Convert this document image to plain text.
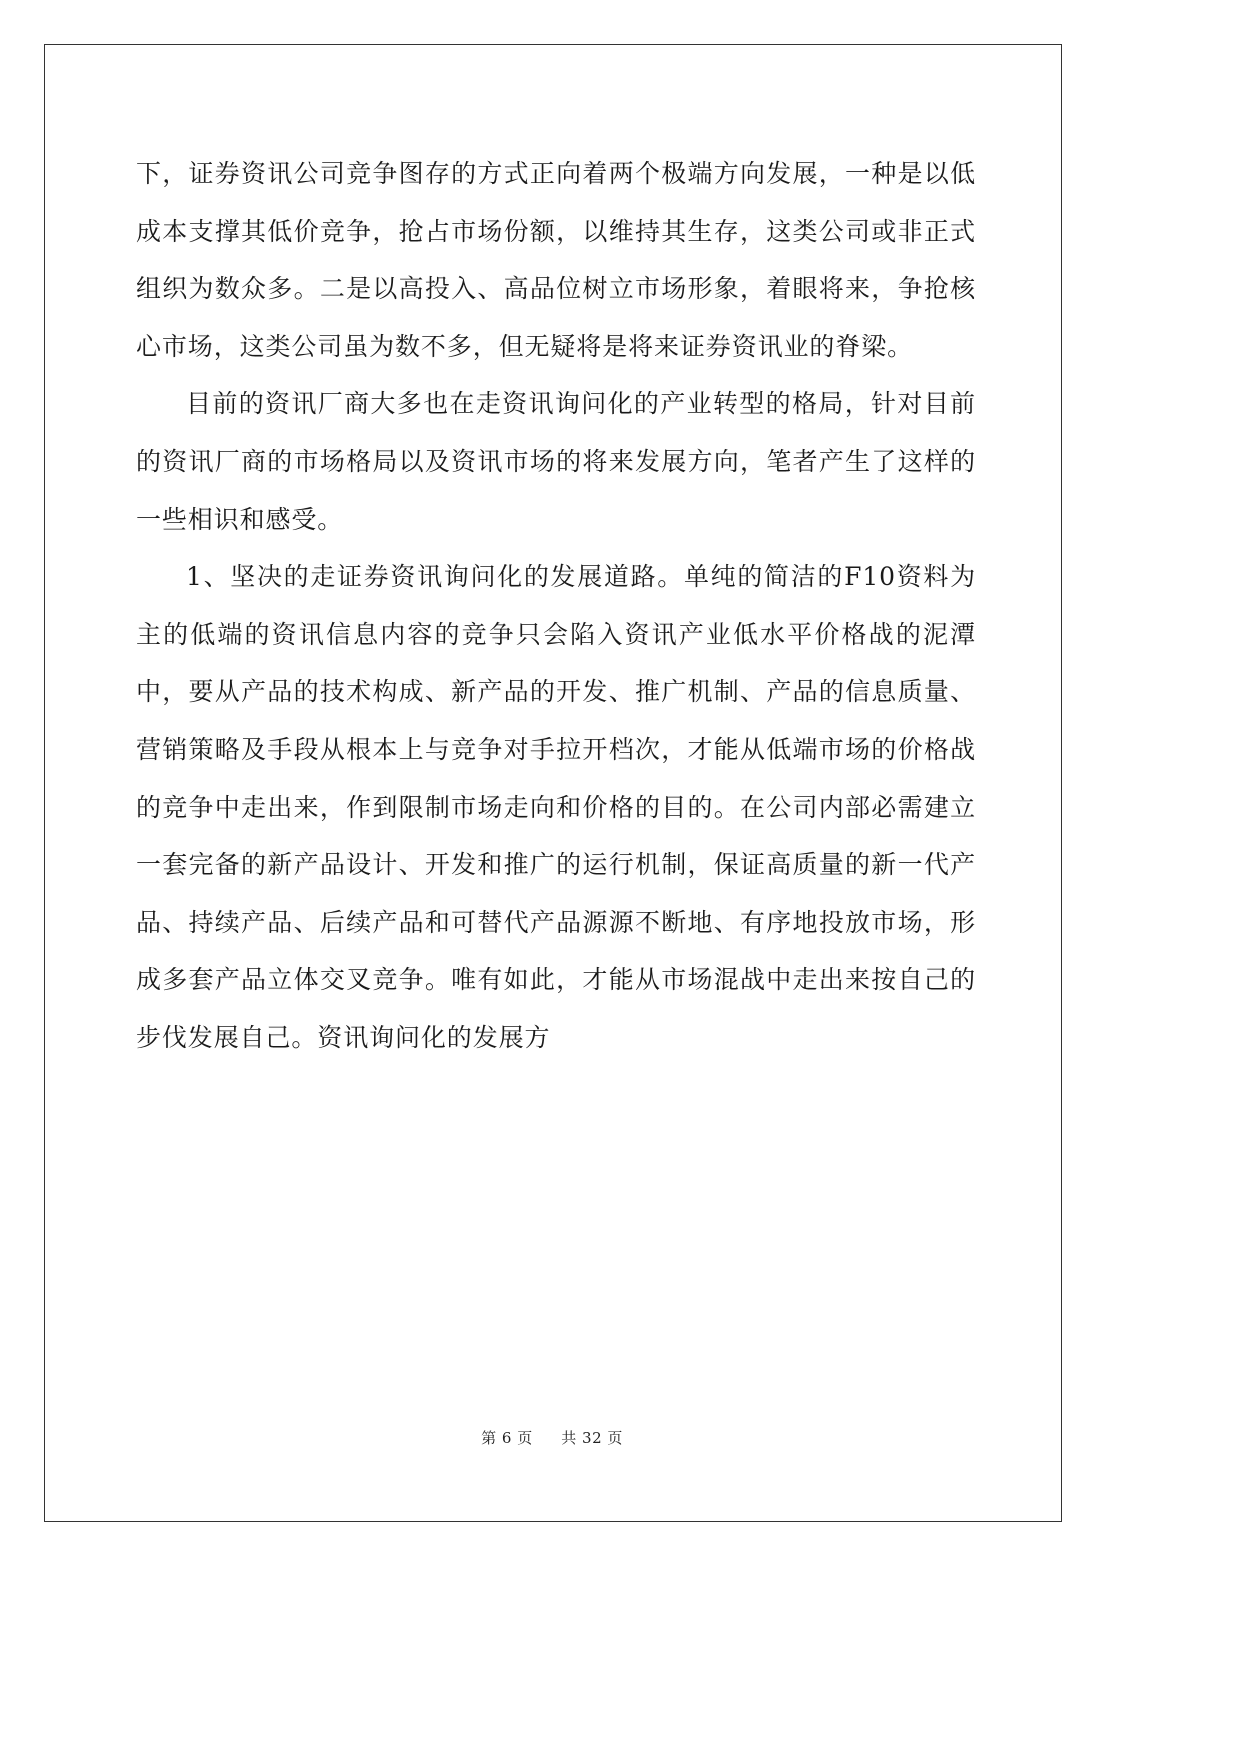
下，证券资讯公司竞争图存的方式正向着两个极端方向发展，一种是以低成本支撑其低价竞争，抢占市场份额，以维持其生存，这类公司或非正式组织为数众多。二是以高投入、高品位树立市场形象，着眼将来，争抢核心市场，这类公司虽为数不多，但无疑将是将来证券资讯业的脊梁。

目前的资讯厂商大多也在走资讯询问化的产业转型的格局，针对目前的资讯厂商的市场格局以及资讯市场的将来发展方向，笔者产生了这样的一些相识和感受。

1、坚决的走证券资讯询问化的发展道路。单纯的简洁的F10资料为主的低端的资讯信息内容的竞争只会陷入资讯产业低水平价格战的泥潭中，要从产品的技术构成、新产品的开发、推广机制、产品的信息质量、营销策略及手段从根本上与竞争对手拉开档次，才能从低端市场的价格战的竞争中走出来，作到限制市场走向和价格的目的。在公司内部必需建立一套完备的新产品设计、开发和推广的运行机制，保证高质量的新一代产品、持续产品、后续产品和可替代产品源源不断地、有序地投放市场，形成多套产品立体交叉竞争。唯有如此，才能从市场混战中走出来按自己的步伐发展自己。资讯询问化的发展方

第 6 页 共 32 页
